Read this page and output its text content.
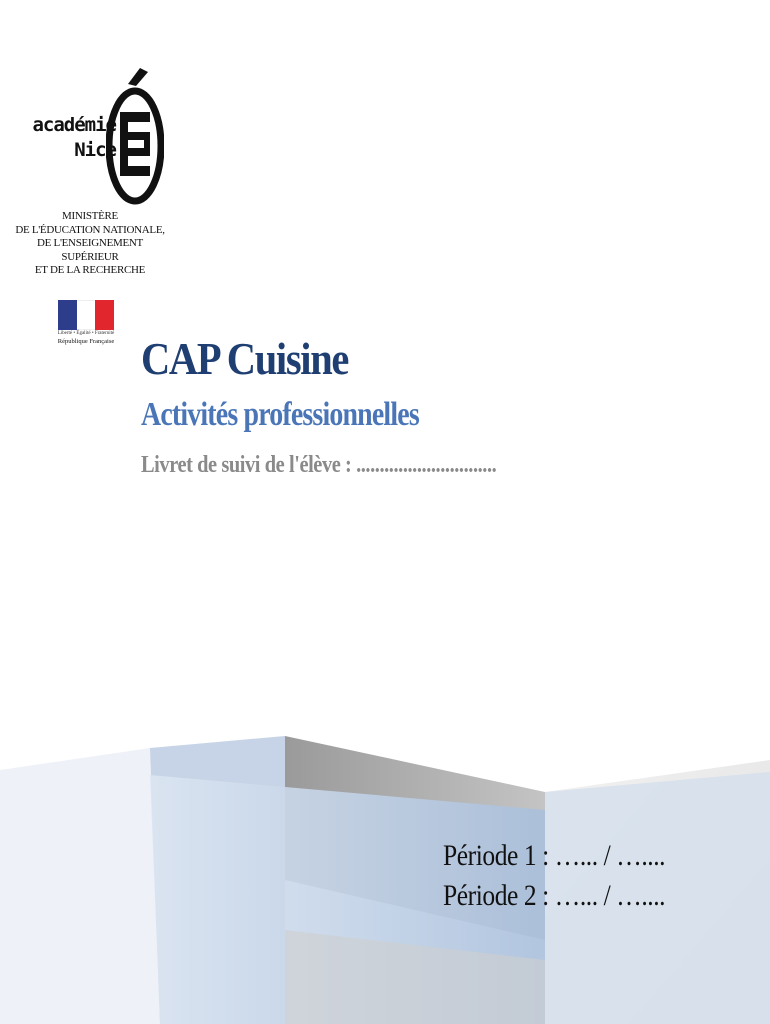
académie
Nice
MINISTÈRE
DE L'ÉDUCATION NATIONALE,
DE L'ENSEIGNEMENT SUPÉRIEUR
ET DE LA RECHERCHE
Liberté • Égalité • Fraternité
République Française CAP Cuisine
Activités professionnelles

Livret de suivi de l'élève : ..............................

Période 1 : …... / …....
Période 2 : …... / …....
